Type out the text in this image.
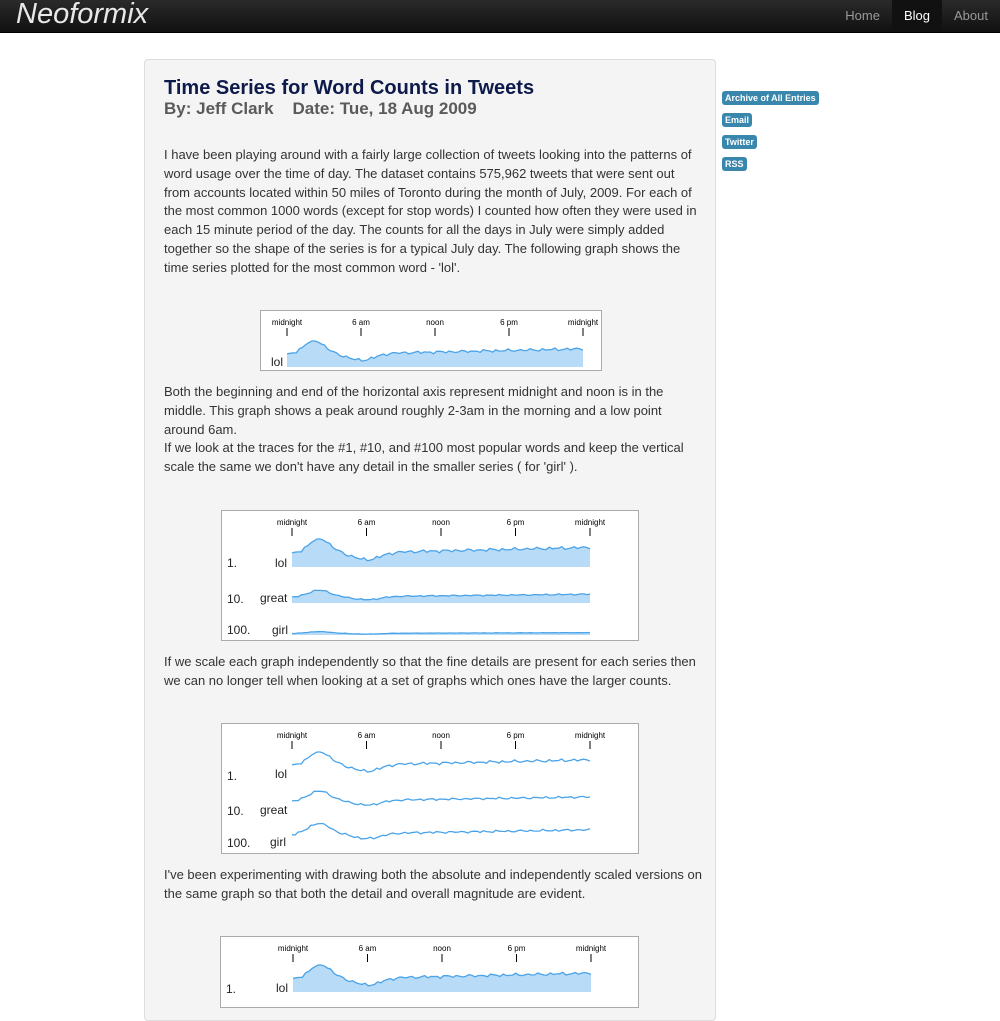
Neoformix	Home	Blog	About
Time Series for Word Counts in Tweets
By: Jeff Clark    Date: Tue, 18 Aug 2009

I have been playing around with a fairly large collection of tweets looking into the patterns of word usage over the time of day. The dataset contains 575,962 tweets that were sent out from accounts located within 50 miles of Toronto during the month of July, 2009. For each of the most common 1000 words (except for stop words) I counted how often they were used in each 15 minute period of the day. The counts for all the days in July were simply added together so the shape of the series is for a typical July day. The following graph shows the time series plotted for the most common word - 'lol'.

midnight	6 am	noon	6 pm	midnight
lol

Both the beginning and end of the horizontal axis represent midnight and noon is in the middle. This graph shows a peak around roughly 2-3am in the morning and a low point around 6am.

If we look at the traces for the #1, #10, and #100 most popular words and keep the vertical scale the same we don't have any detail in the smaller series ( for 'girl' ).

midnight	6 am	noon	6 pm	midnight
1.	lol
10. great
100. girl

If we scale each graph independently so that the fine details are present for each series then we can no longer tell when looking at a set of graphs which ones have the larger counts.

midnight	6 am	noon	6 pm	midnight
1.	lol
10. great
100. girl

I've been experimenting with drawing both the absolute and independently scaled versions on the same graph so that both the detail and overall magnitude are evident.

midnight	6 am	noon	6 pm	midnight
1.	lol
Archive of All Entries
Email
Twitter
RSS
